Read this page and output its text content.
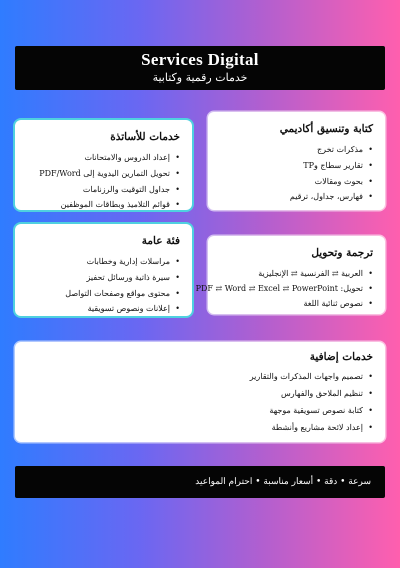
Services Digital
خدمات رقمية وكتابية
خدمات للأساتذة
• إعداد الدروس والامتحانات
• تحويل التمارين اليدوية إلى PDF/Word
• جداول التوقيت والرزنامات
• قوائم التلاميذ وبطاقات الموظفين
كتابة وتنسيق أكاديمي
• مذكرات تخرج
• تقارير سطاج وTP
• بحوث ومقالات
• فهارس، جداول، ترقيم
فئة عامة
• مراسلات إدارية وخطابات
• سيرة ذاتية ورسائل تحفيز
• محتوى مواقع وصفحات التواصل
• إعلانات ونصوص تسويقية
ترجمة وتحويل
• العربية ⇄ الفرنسية ⇄ الإنجليزية
• تحويل: PDF ⇄ Word ⇄ Excel ⇄ PowerPoint
• نصوص ثنائية اللغة
خدمات إضافية
• تصميم واجهات المذكرات والتقارير
• تنظيم الملاحق والفهارس
• كتابة نصوص تسويقية موجهة
• إعداد لائحة مشاريع وأنشطة
سرعة • دقة • أسعار مناسبة • احترام المواعيد
